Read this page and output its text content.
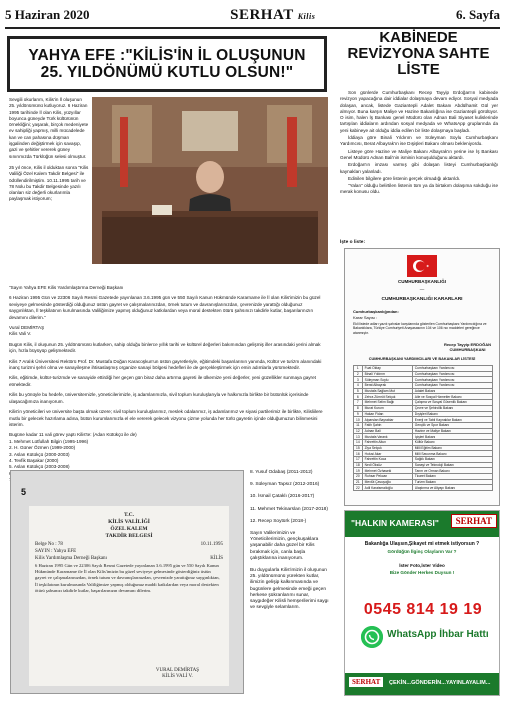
5 Haziran 2020	SERHAT Kilis	6. Sayfa
YAHYA EFE :"KİLİS'İN İL OLUŞUNUN
25. YILDÖNÜMÜ KUTLU OLSUN!"

Sevgili okurlarım, Kilis'in İl oluşunun 25. yıldönümünü kutluyoruz. 6 Haziran 1995 tarihinde İl olan Kilis, yüzyıllar boyunca güneyde Türk kültürünün örnekliğini; yaşarak, birçok medeniyete ev sahipliği yapmış, milli mücadelede kan ve can pahasına düşman işgalinden değiştirmek için savaşıp, gazi ve şehitler vererek güney sınırımızda Türklüğün selesi olmuştur.

25 yıl önce, Kilis il olduktan sonra "Kilis Valiliği Özel Kalem Takdir Belgesi" ile ödüllendirilmiştim. 10.11.1995 tarih ve 78 Nolu bu Takdir Belgesinde yazılı olanları siz değerli okurlarımla paylaşmak istiyorum;

"Sayın Yahya EFE Kilis Yardımlaştırma Derneği Başkanı

6 Haziran 1995 Gün ve 22306 Sayılı Resmi Gazetede yayınlanan 3.6.1995 gün ve 550 Sayılı Kanun Hükmünde Kararname ile İl olan Kilis'imizin bu güzel seviyeye gelmesinde gösterdiği olduğunuz üstün gayret ve çalışmalarınızdan, örnek tutum ve davranışlarınızdan, çevrenizde yarattığı olduğunuz saygınlıktan, İl teşkilatının kurulmasında Valiliğimize yapmış olduğunuz katkılardan veya moral destekten ötürü şahsınızı takdirle kutlar, başarılarınızın devamını dilerim."

Vural DEMİRTAŞ
Kilis Vali V.

Bugün Kilis, il oluşunun 25. yıldönümünü kutlarken, sahip olduğu binlerce yıllık tarihi ve kültürel değerleri bakımından gelişmiş iller arasındaki yerini almak için, hızla büyüyüp gelişmektedir.

Kilis 7 Aralık Üniversitesi Rektörü Prof. Dr. Mustafa Doğan Karacoşkun'un üstün gayretleriyle, eğitimdeki başarılarının yanında, Kültür ve turizm alanındaki inanç turizmi şehri olma ve sanayileşme ihtisaslaşmış organize sanayi bölgesi hedefleri ile de gerçekleştirmek için emin adımlarla yürümektedir.

Kilis, eğitimde, kültür-turizmde ve sanayide ettirdiği her geçen gün biraz daha artırma gayreti ile ülkemize yeni değerler, yeni güzellikler sunmaya gayret etmektedir.

Kilis bu yönüyle bu hedefe, üniversitemizle, yöneticilerimizle, iş adamlarımızla, sivil toplum kuruluşlarıyla ve halkımızla birlikte bir bütünlük içerisinde ulaşacağımıza inanıyorum.

Kilis'in yöneticileri ve üniversite başta olmak üzere; sivil toplum kuruluşlarımız, meslek odalarımız, iş adamlarımız ve siyasi partilerimiz ile birlikte, Kilisliilere mutlu bir gelecek hazırlama adına, bütün kurumlarımızla el ele vererek gelecek vizyonu çizme yolunda her türlü gayretin içinde olduğumuzun bilinmesini isterim.

Bugüne kadar 11 vali görev yaptı Kilis'te: (Adan Kütükçü ile de)
1. Mehmet Lütfullah Bilgin (1995-1996)
2. H. Güner Özmen (1999-2000)
3. Aslan Kütükçü (2000-2003)
4. Tevfik Başakar (2000)
5. Aslan Kütükçü (2003-2008)
5
T.C.
KİLİS VALİLİĞİ
ÖZEL KALEM
TAKDİR BELGESİ
Belge No : 78	10.11.1995
SAYIN : Yahya EFE
Kilis Yardımlaşma Derneği Başkanı	KİLİS
6 Haziran 1995 Gün ve 22306 Sayılı Resmi Gazetede yayınlanan 3.6.1995 gün ve 550 Sayılı Kanun Hükmünde Kararname ile İl olan Kilis'imizin bu güzel seviyeye gelmesinde gösterdiğiniz üstün gayret ve çalışmalarınızdan, örnek tutum ve davranışlarınızdan, çevrenizde yarattığınız saygınlıktan, İl teşkilatının kurulmasında Valiliğimize yapmış olduğunuz maddi katkılardan veya moral destekten ötürü şahsınızı takdirle kutlar, başarılarınızın devamını dilerim.
VURAL DEMİRTAŞ
KİLİS VALİ V.

8. Yusuf Odabaş (2011-2012)

9. Süleyman Tapsız (2012-2016)

10. İsmail Çataklı (2016-2017)

11. Mehmet Tekinarslan (2017-2018)

12. Recep Soytürk (2018-)

Sayın Valilerimizin ve Yöneticilerimizin, gençkuşaklara yaşanabilir daha güzel bir Kilis bırakmak için, canla başla çalıştıklarına inanıyorum.

Bu duygularla Kilis'imizin il oluşunun 25. yıldönümünü yürekten kutlar, ilimizin gelişip kalkınmasında ve bugünlere gelmesinde emeği geçen herkese şükranlarımı sunar, saygıdeğer Kilisli hemşerilerimi saygı ve sevgiyle selamlarım.

KABİNEDE
REVİZYONA SAHTE
LİSTE

Son günlerde Cumhurbaşkanı Recep Tayyip Erdoğan'ın kabinede revizyon yapacağına dair iddialar dolaşmaya devam ediyor. Sosyal medyada dolaşan, ancak, listede Gaziantepli Adalet Bakanı Abdülhamit Gül yer almıyor. Buna karşın Maliye ve Hazine Bakanlığına ise Gaziantepli görülüyor. O isim, halen İş Bankası genel Müdürü olan Adnan Bali Siyaset kulislerinde tartışılan iddiaların ardından sosyal medyada ve WhatsApp gruplarında da yeni kabineye ait olduğu iddia edilen bir liste dolaşmaya başladı.

İddiaya göre Binali Yıldırım ve Süleyman Soylu Cumhurbaşkanı Yardımcısı, Berat Albayrak'ın ise Dışişleri Bakanı olması bekleniyordu.

Listeye göre Hazine ve Maliye Bakanı Albayrak'ın yerine ise İş Bankası Genel Müdürü Adnan Bali'nin isminin konuşulduğunu aktardı.

Erdoğan'ın imzası varmış gibi dolaşan listeyi Cumhurbaşkanlığı kaynakları yalanladı.

Edinilen bilgilere göre listenin gerçek olmadığı aktarıldı.

"Yalan" olduğu belirtilen listenin tüm ya da birtakım dolaşıma sokduğu ise merak konusu oldu.

İşte o liste:
CUMHURBAŞKANLIĞI
—
CUMHURBAŞKANLIĞI KARARLARI
Cumhurbaşkanlığından:
Karar Sayısı :
Ekli listede adları yazılı şahıslar karşılarında gösterilen Cumhurbaşkanı Yardımcılığına ve Bakanlıklara, Türkiye Cumhuriyeti Anayasasının 104 ve 106 ncı maddeleri gereğince atanmıştır.
Recep Tayyip ERDOĞAN
CUMHURBAŞKANI
CUMHURBAŞKANI YARDIMCILARI VE BAKANLAR LİSTESİ
1	Fuat Oktay	Cumhurbaşkanı Yardımcısı
2	Binali Yıldırım	Cumhurbaşkanı Yardımcısı
3	Süleyman Soylu	Cumhurbaşkanı Yardımcısı
4	Berat Albayrak	Cumhurbaşkanı Yardımcısı
5	Mustafa Sağlam Mut	Adalet Bakanı
6	Zehra Zümrüt Selçuk	Aile ve Sosyal Hizmetler Bakanı
7	Mehmet Selim Bağlı	Çalışma ve Sosyal Güvenlik Bakanı
8	Murat Kurum	Çevre ve Şehircilik Bakanı
9	Hakan Fidan	Dışişleri Bakanı
10	Alparslan Bayraktar	Enerji ve Tabii Kaynaklar Bakanı
11	Fatih Şahin	Gençlik ve Spor Bakanı
12	Adnan Bali	Hazine ve Maliye Bakanı
13	Mustafa Varank	İçişleri Bakanı
14	Fahrettin Altun	Kültür Bakanı
15	Ziya Selçuk	Milli Eğitim Bakanı
16	Hulusi Akar	Milli Savunma Bakanı
17	Fahrettin Koca	Sağlık Bakanı
18	Nedi Öksüz	Sanayi ve Teknoloji Bakanı
19	Mehmet Özhaseki	Tarım ve Orman Bakanı
20	Ruhsar Pekcan	Ticaret Bakanı
21	Mevlüt Çavuşoğlu	Turizm Bakanı
22	Adil Karaismailoğlu	Ulaştırma ve Altyapı Bakanı
"HALKIN KAMERASI"	SERHAT
Bakanlığa Ulaşsın,Şikayet mi etmek istiyorsun ?
Gördüğün İlginç Olayların Var ?
İster Foto,İster Video
Bize Gönder Herkes Duysun !
0545 814 19 19
WhatsApp İhbar Hattı
SERHAT	ÇEKİN...GÖNDERİN...YAYINLAYALIM...
